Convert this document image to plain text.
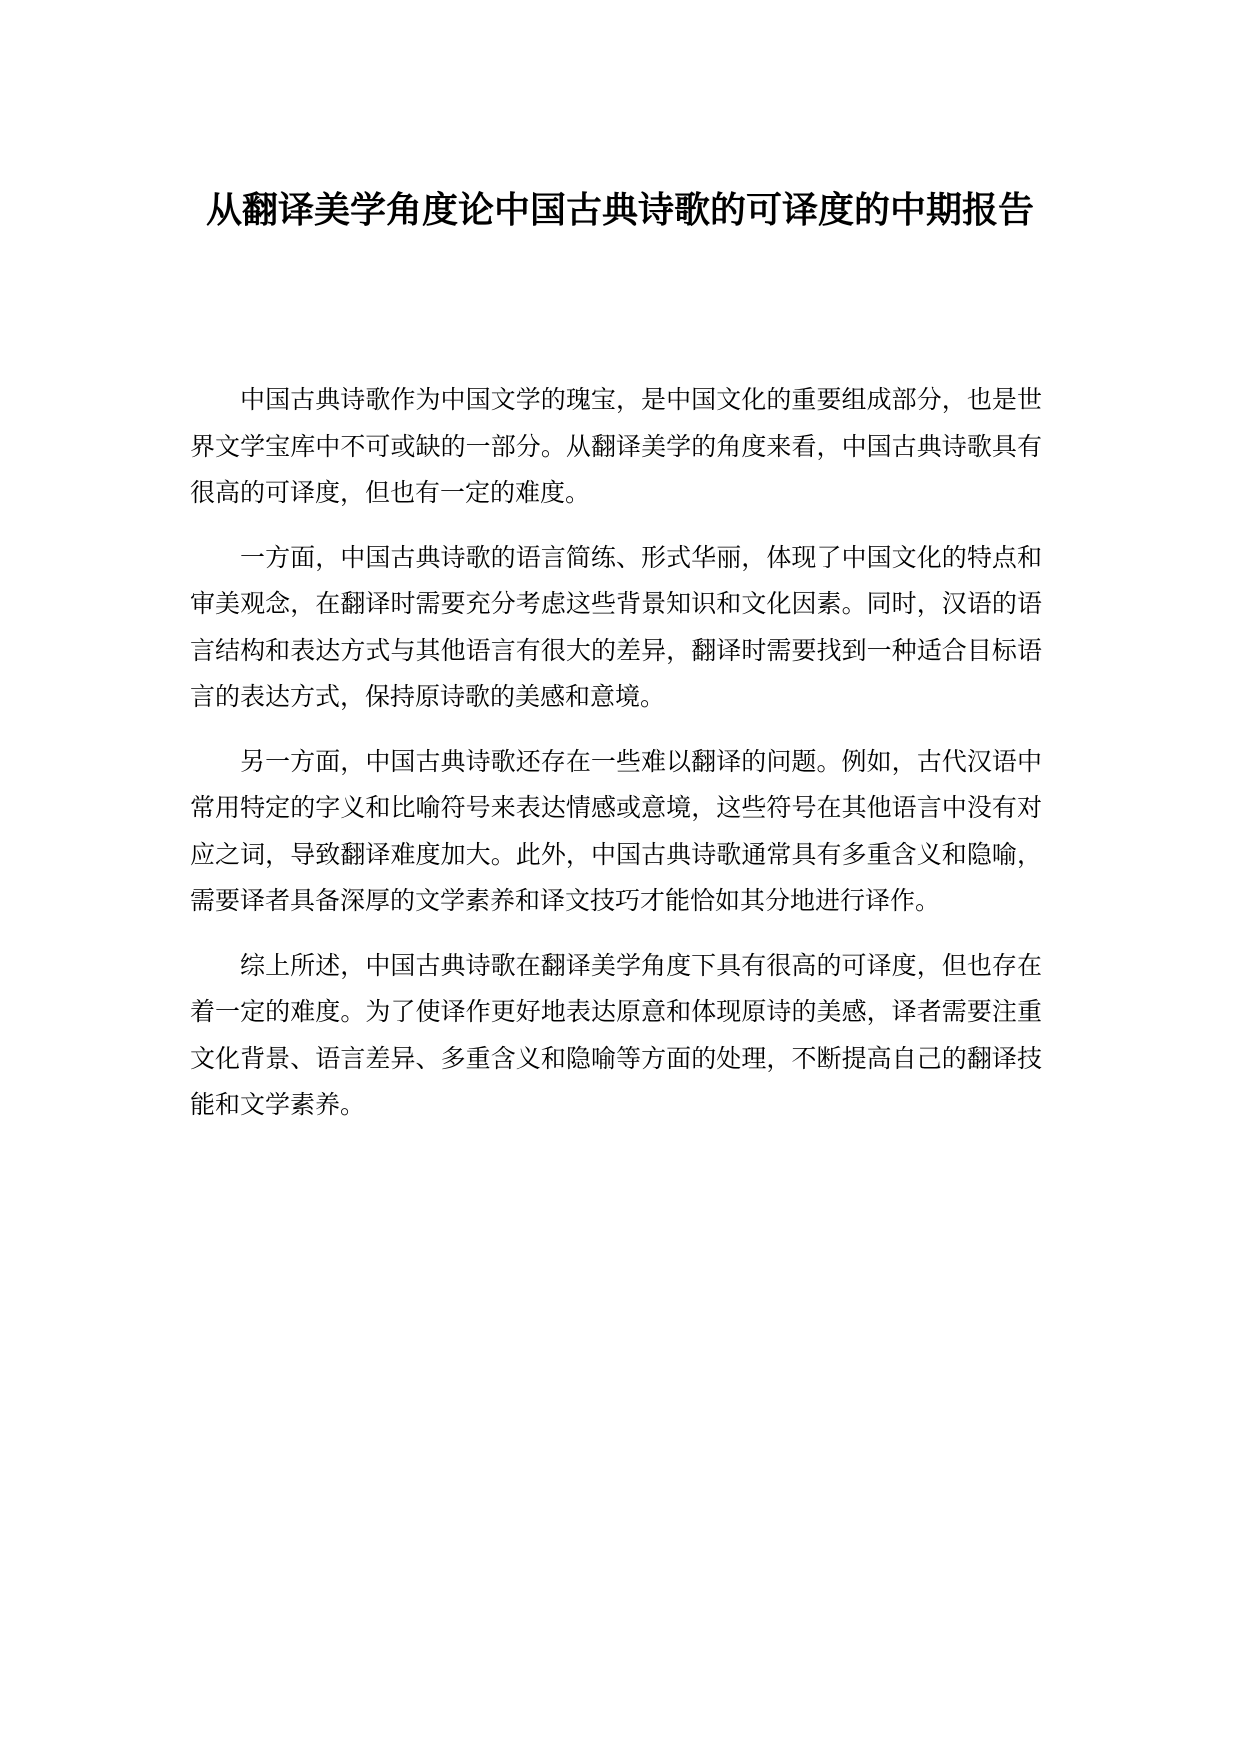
从翻译美学角度论中国古典诗歌的可译度的中期报告

中国古典诗歌作为中国文学的瑰宝，是中国文化的重要组成部分，也是世界文学宝库中不可或缺的一部分。从翻译美学的角度来看，中国古典诗歌具有很高的可译度，但也有一定的难度。

一方面，中国古典诗歌的语言简练、形式华丽，体现了中国文化的特点和审美观念，在翻译时需要充分考虑这些背景知识和文化因素。同时，汉语的语言结构和表达方式与其他语言有很大的差异，翻译时需要找到一种适合目标语言的表达方式，保持原诗歌的美感和意境。

另一方面，中国古典诗歌还存在一些难以翻译的问题。例如，古代汉语中常用特定的字义和比喻符号来表达情感或意境，这些符号在其他语言中没有对应之词，导致翻译难度加大。此外，中国古典诗歌通常具有多重含义和隐喻，需要译者具备深厚的文学素养和译文技巧才能恰如其分地进行译作。

综上所述，中国古典诗歌在翻译美学角度下具有很高的可译度，但也存在着一定的难度。为了使译作更好地表达原意和体现原诗的美感，译者需要注重文化背景、语言差异、多重含义和隐喻等方面的处理，不断提高自己的翻译技能和文学素养。
